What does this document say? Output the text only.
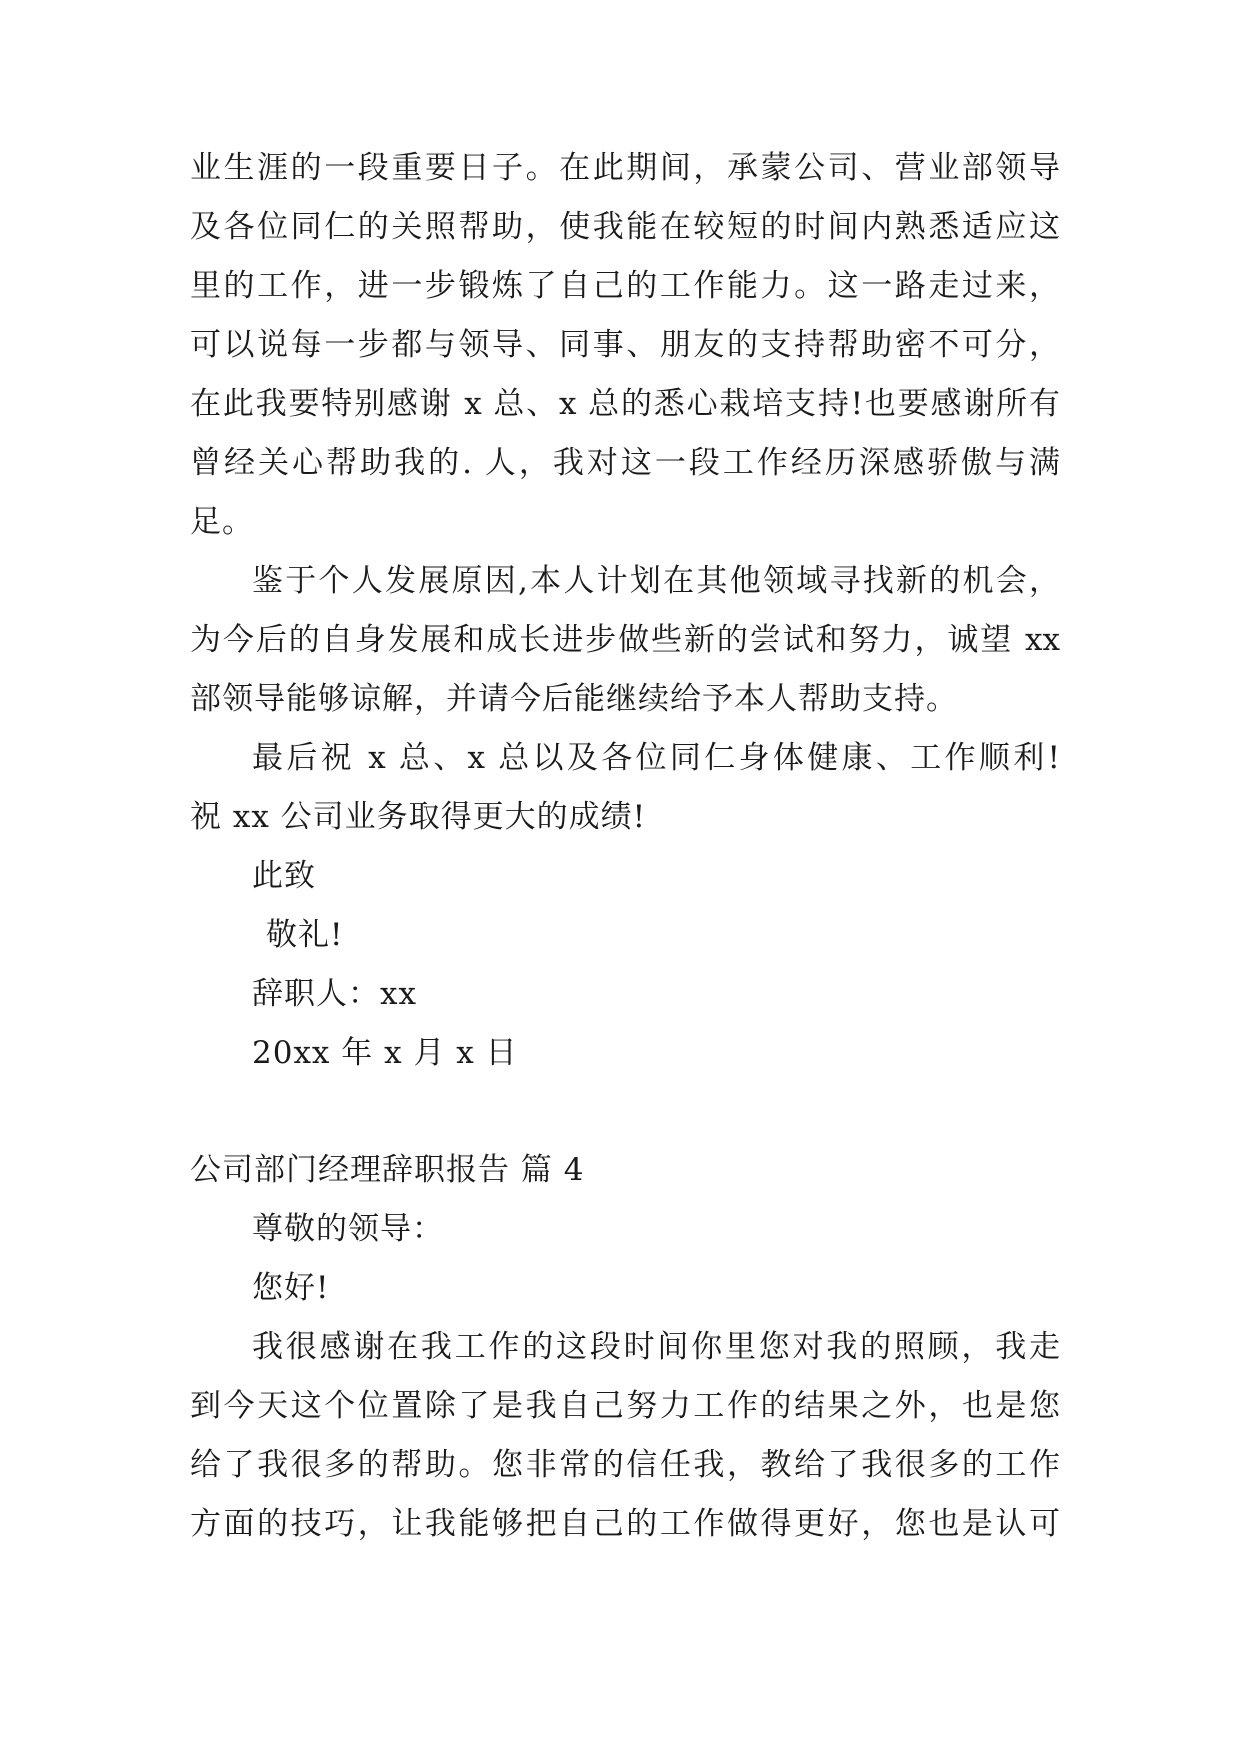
业生涯的一段重要日子。在此期间，承蒙公司、营业部领导
及各位同仁的关照帮助，使我能在较短的时间内熟悉适应这
里的工作，进一步锻炼了自己的工作能力。这一路走过来，
可以说每一步都与领导、同事、朋友的支持帮助密不可分，
在此我要特别感谢 x 总、x 总的悉心栽培支持!也要感谢所有
曾经关心帮助我的. 人，我对这一段工作经历深感骄傲与满
足。
鉴于个人发展原因,本人计划在其他领域寻找新的机会，
为今后的自身发展和成长进步做些新的尝试和努力，诚望 xx
部领导能够谅解，并请今后能继续给予本人帮助支持。
最后祝 x 总、x 总以及各位同仁身体健康、工作顺利!
祝 xx 公司业务取得更大的成绩!
此致
敬礼!
辞职人：xx
20xx 年 x 月 x 日
公司部门经理辞职报告 篇 4
尊敬的领导：
您好!
我很感谢在我工作的这段时间你里您对我的照顾，我走
到今天这个位置除了是我自己努力工作的结果之外，也是您
给了我很多的帮助。您非常的信任我，教给了我很多的工作
方面的技巧，让我能够把自己的工作做得更好，您也是认可
